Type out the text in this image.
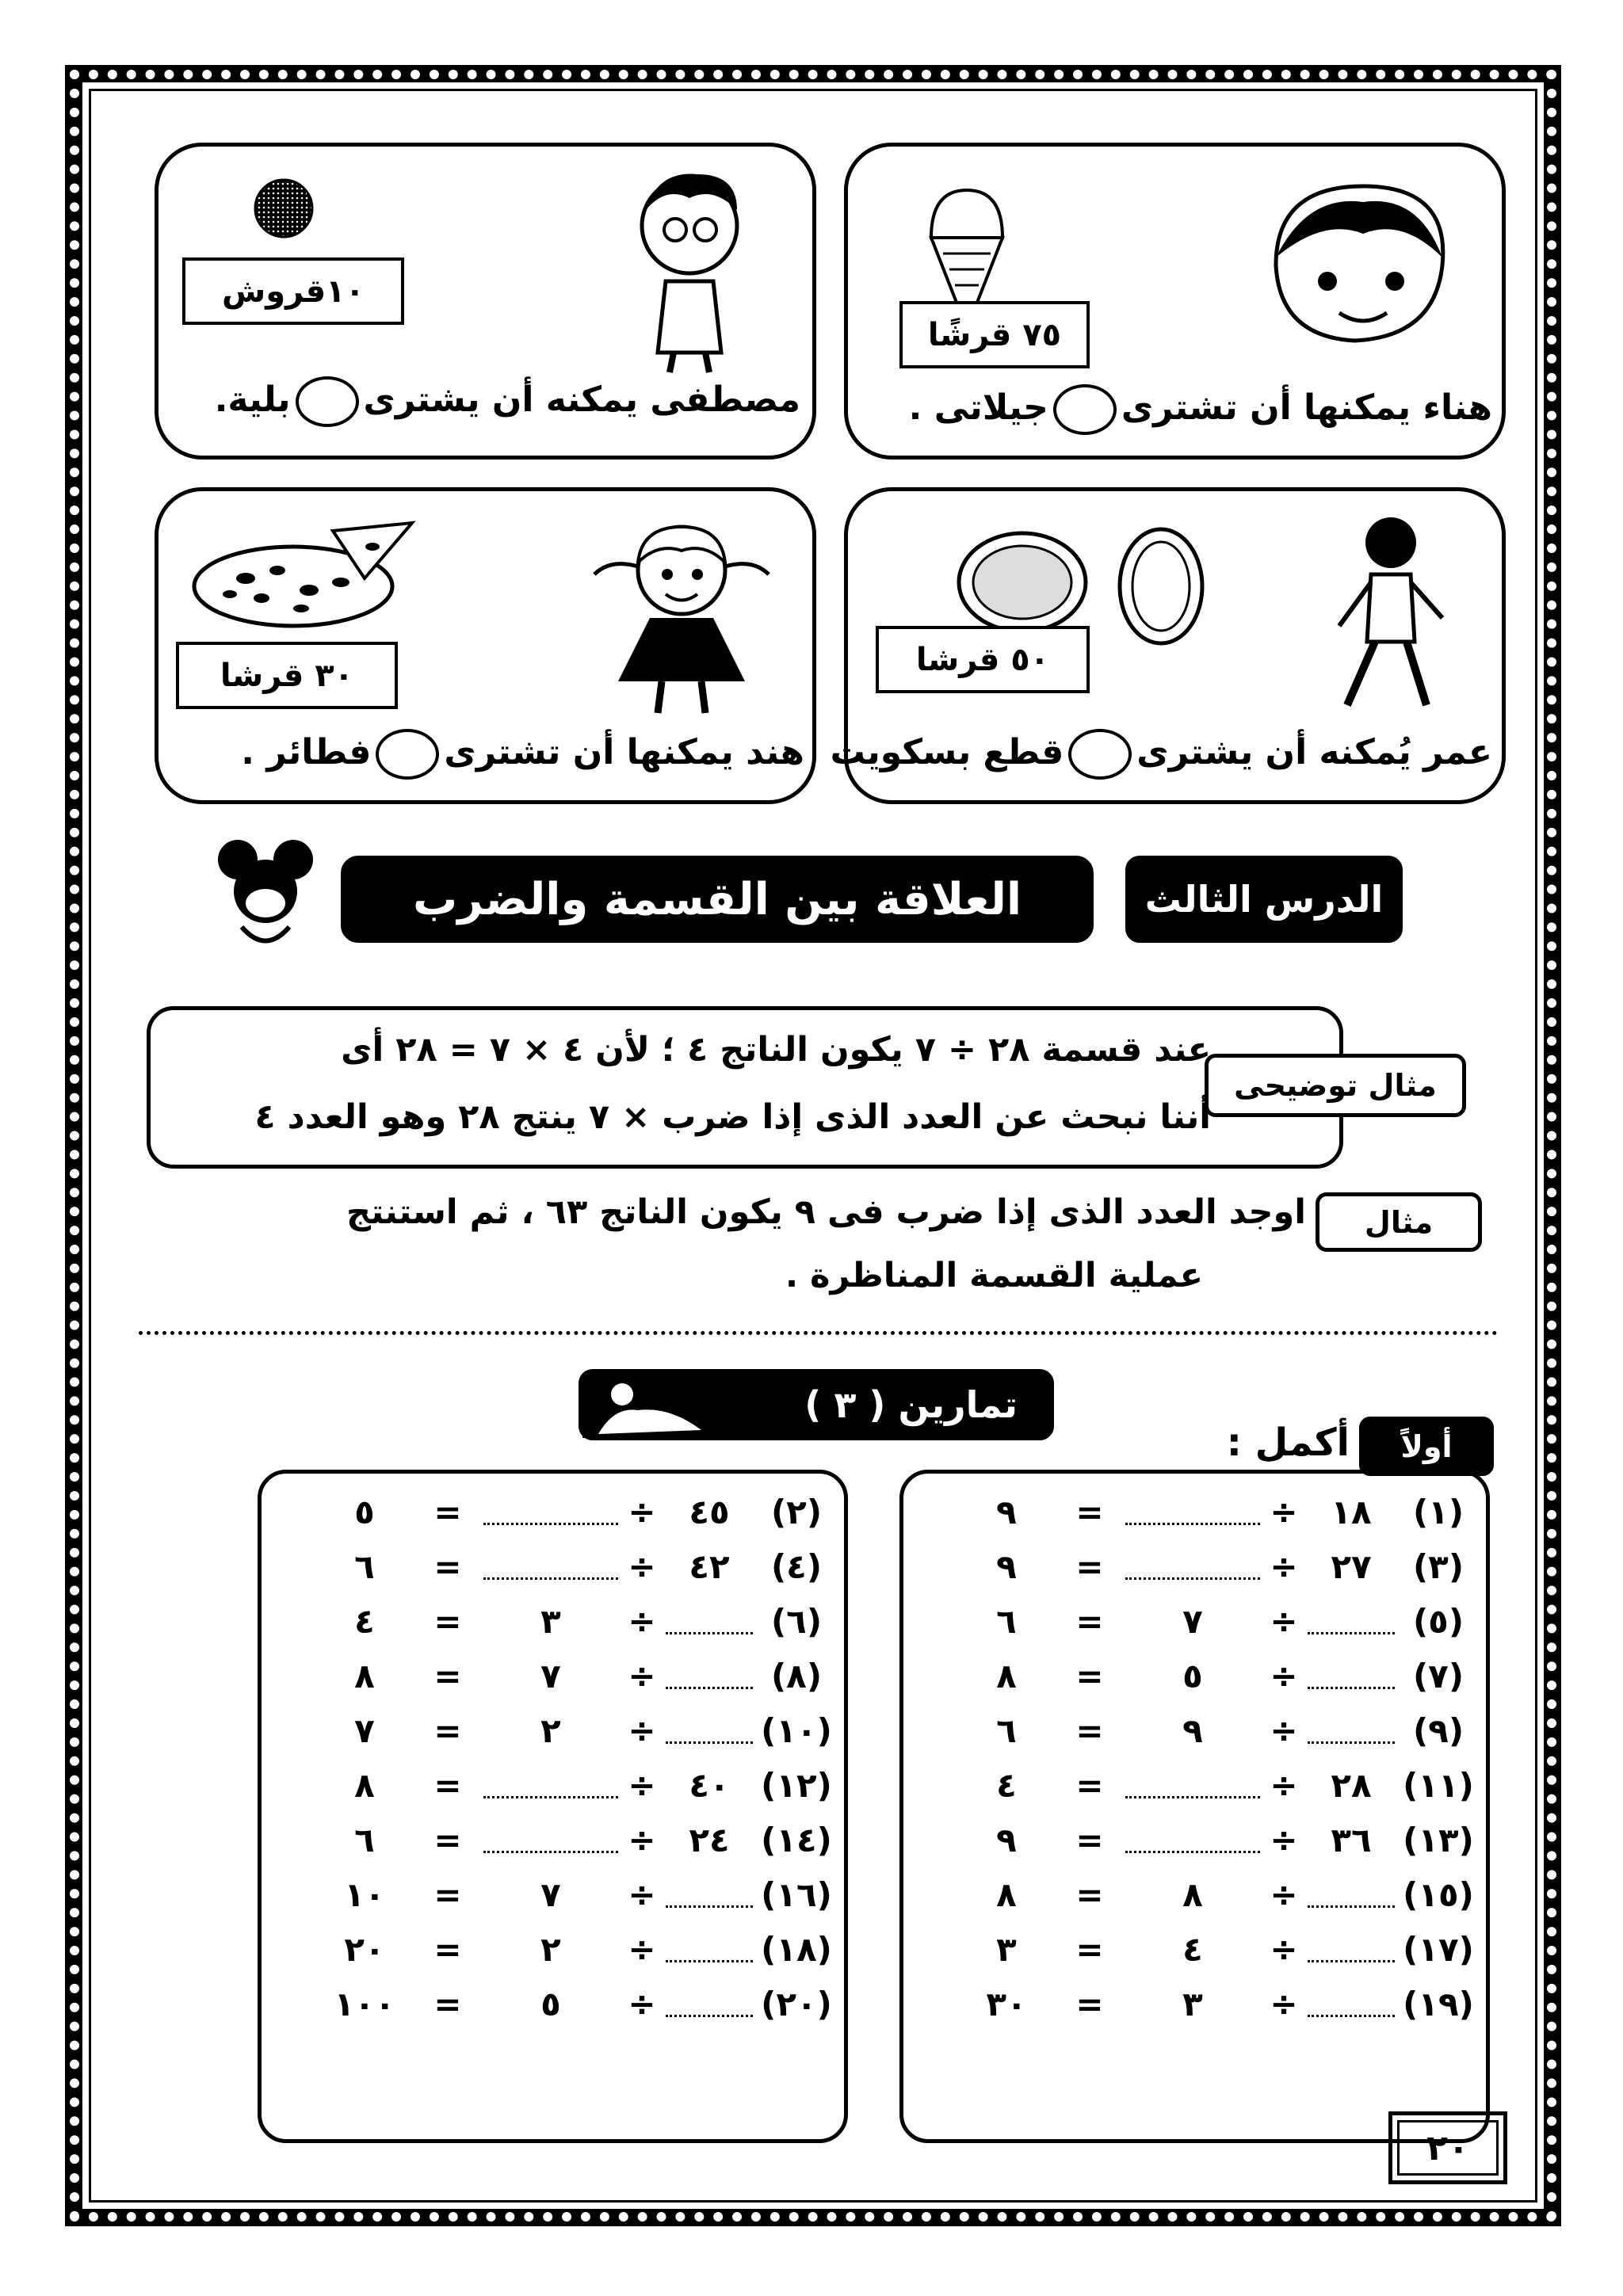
٧٥ قرشًا
هناء يمكنها أن تشترىجيلاتى .
١٠قروش
مصطفى يمكنه أن يشترىبلية.
٥٠ قرشا
عمر يُمكنه أن يشترىقطع بسكويت
٣٠ قرشا
هند يمكنها أن تشترىفطائر .
العلاقة بين القسمة والضرب	الدرس الثالث
مثال توضيحى
عند قسمة ٢٨ ÷ ٧ يكون الناتج ٤ ؛ لأن ٤ × ٧ = ٢٨ أى
أننا نبحث عن العدد الذى إذا ضرب × ٧ ينتج ٢٨ وهو العدد ٤
مثال
اوجد العدد الذى إذا ضرب فى ٩ يكون الناتج ٦٣ ، ثم استنتج
عملية القسمة المناظرة .
تمارين ( ٣ )
أولاً
أكمل :
(١)
١٨
÷
=
٩
(٣)
٢٧
÷
=
٩
(٥)
÷
٧
=
٦
(٧)
÷
٥
=
٨
(٩)
÷
٩
=
٦
(١١)
٢٨
÷
=
٤
(١٣)
٣٦
÷
=
٩
(١٥)
÷
٨
=
٨
(١٧)
÷
٤
=
٣
(١٩)
÷
٣
=
٣٠
(٢)
٤٥
÷
=
٥
(٤)
٤٢
÷
=
٦
(٦)
÷
٣
=
٤
(٨)
÷
٧
=
٨
(١٠)
÷
٢
=
٧
(١٢)
٤٠
÷
=
٨
(١٤)
٢٤
÷
=
٦
(١٦)
÷
٧
=
١٠
(١٨)
÷
٢
=
٢٠
(٢٠)
÷
٥
=
١٠٠
٢٠
